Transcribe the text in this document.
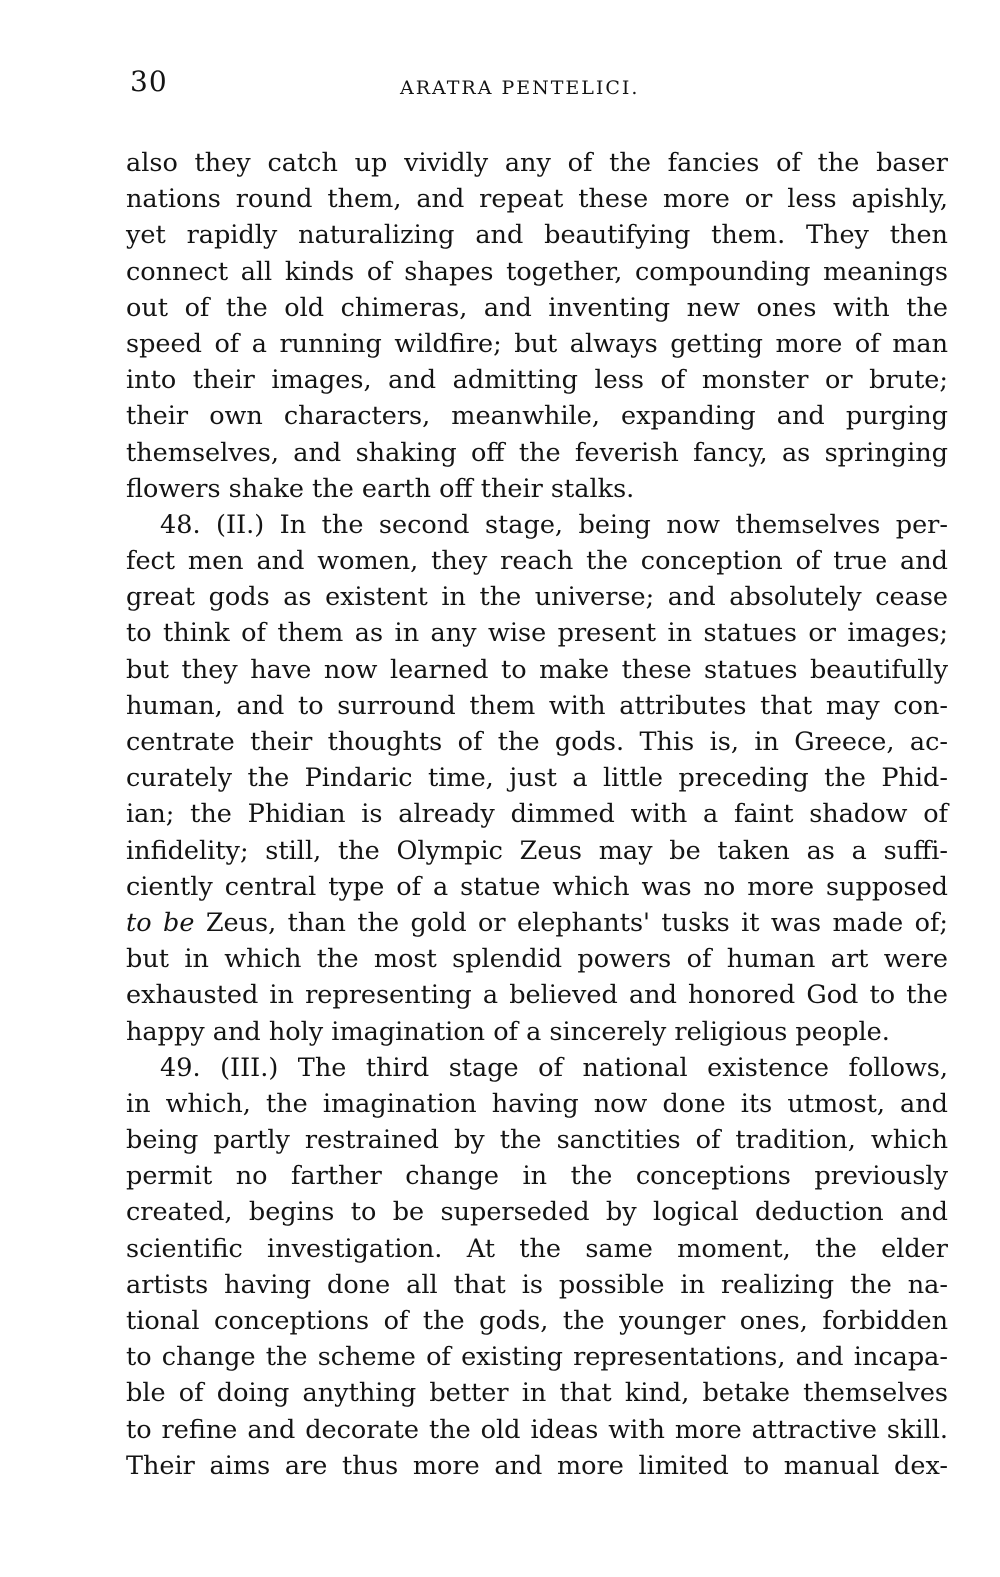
30	ARATRA PENTELICI.
also they catch up vividly any of the fancies of the baser
nations round them, and repeat these more or less apishly,
yet rapidly naturalizing and beautifying them. They then
connect all kinds of shapes together, compounding meanings
out of the old chimeras, and inventing new ones with the
speed of a running wildfire; but always getting more of man
into their images, and admitting less of monster or brute;
their own characters, meanwhile, expanding and purging
themselves, and shaking off the feverish fancy, as springing
flowers shake the earth off their stalks.
48. (II.) In the second stage, being now themselves per-
fect men and women, they reach the conception of true and
great gods as existent in the universe; and absolutely cease
to think of them as in any wise present in statues or images;
but they have now learned to make these statues beautifully
human, and to surround them with attributes that may con-
centrate their thoughts of the gods. This is, in Greece, ac-
curately the Pindaric time, just a little preceding the Phid-
ian; the Phidian is already dimmed with a faint shadow of
infidelity; still, the Olympic Zeus may be taken as a suffi-
ciently central type of a statue which was no more supposed
to be Zeus, than the gold or elephants' tusks it was made of;
but in which the most splendid powers of human art were
exhausted in representing a believed and honored God to the
happy and holy imagination of a sincerely religious people.
49. (III.) The third stage of national existence follows,
in which, the imagination having now done its utmost, and
being partly restrained by the sanctities of tradition, which
permit no farther change in the conceptions previously
created, begins to be superseded by logical deduction and
scientific investigation. At the same moment, the elder
artists having done all that is possible in realizing the na-
tional conceptions of the gods, the younger ones, forbidden
to change the scheme of existing representations, and incapa-
ble of doing anything better in that kind, betake themselves
to refine and decorate the old ideas with more attractive skill.
Their aims are thus more and more limited to manual dex-
